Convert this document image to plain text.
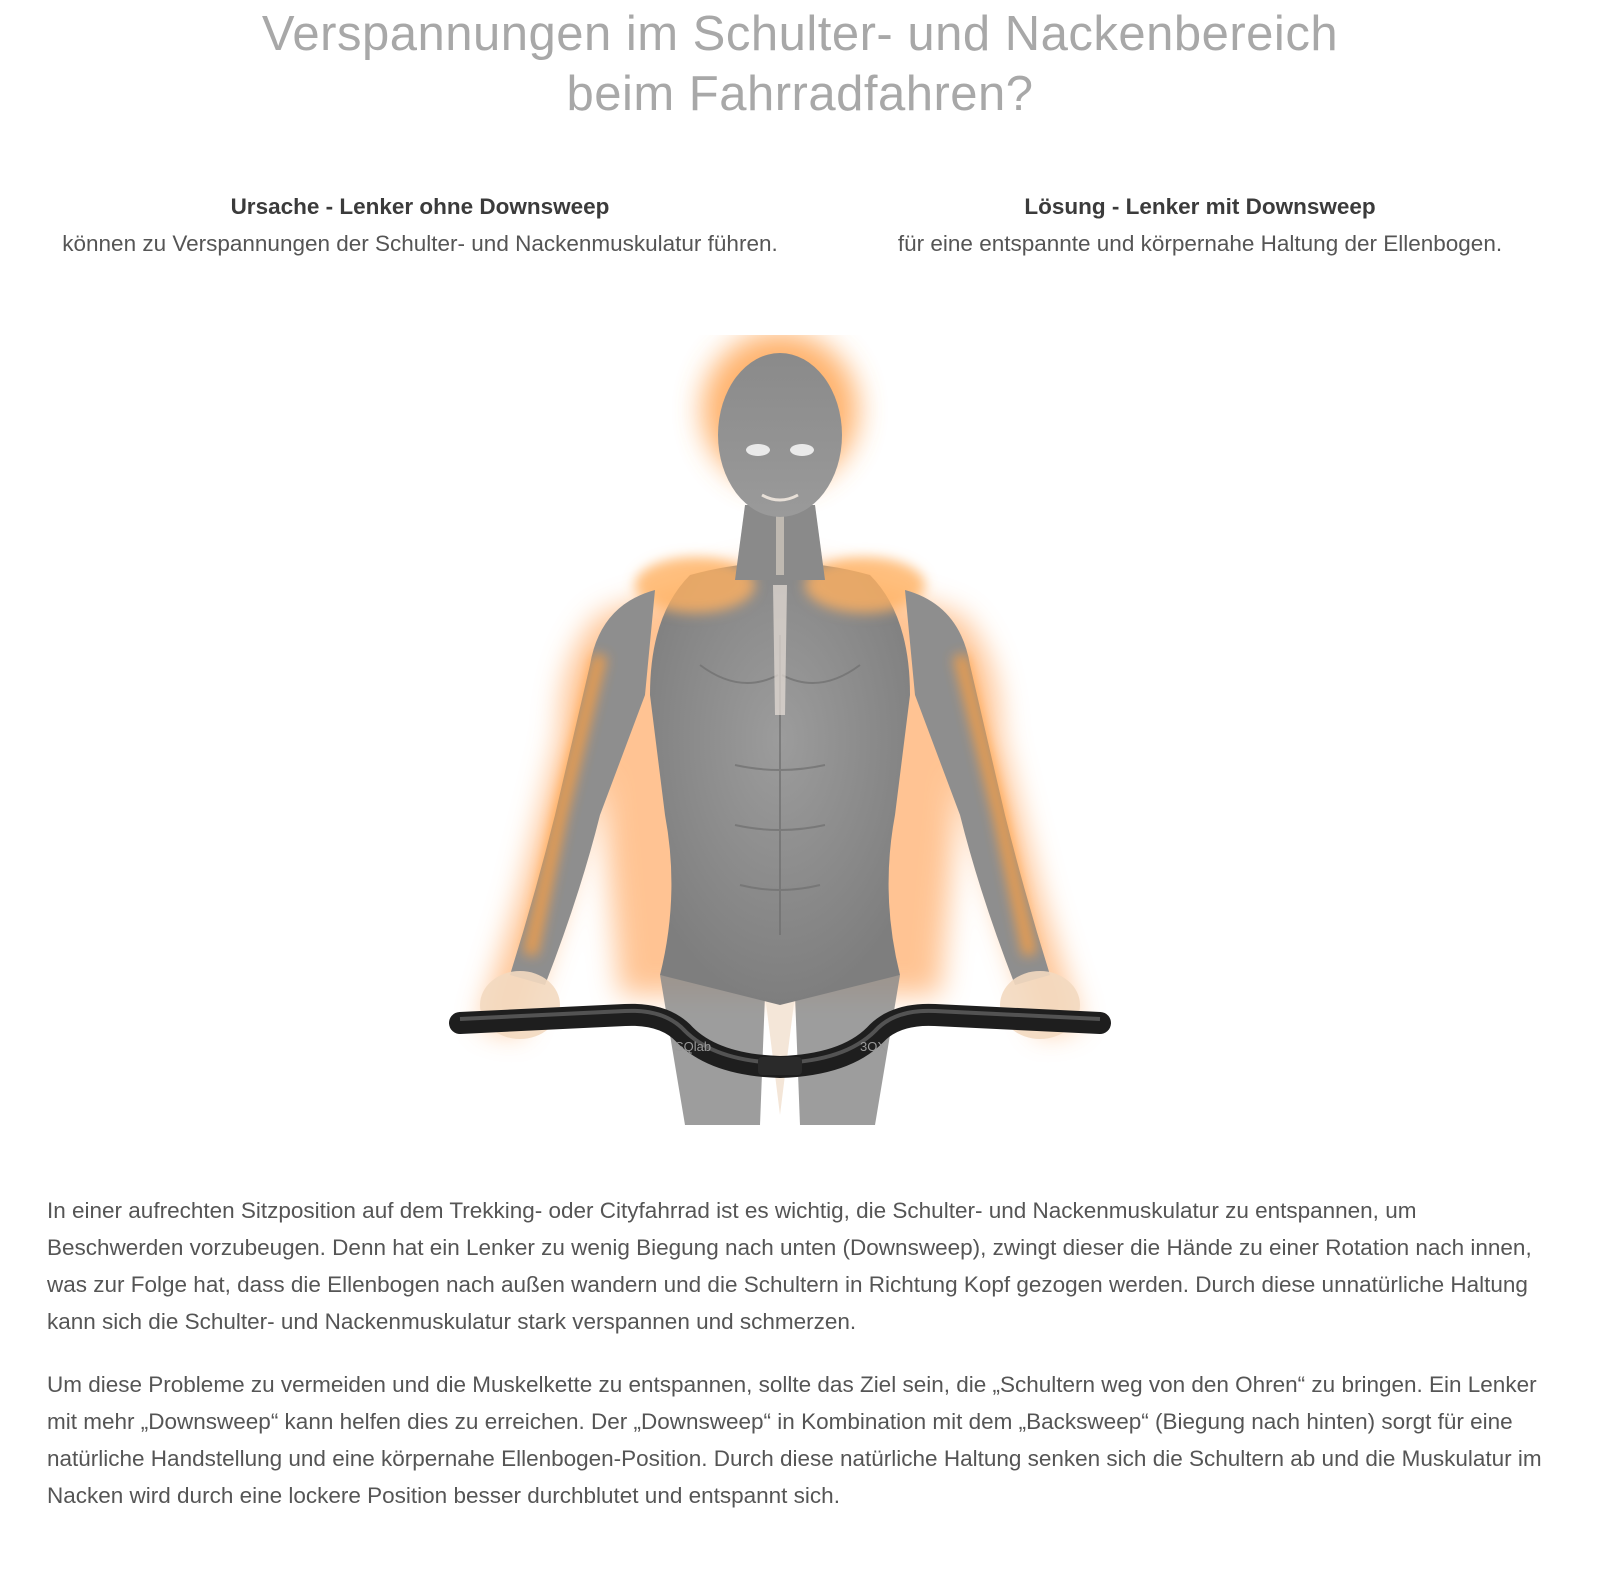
Verspannungen im Schulter- und Nackenbereich
beim Fahrradfahren?
Ursache - Lenker ohne Downsweep
können zu Verspannungen der Schulter- und Nackenmuskulatur führen.
Lösung - Lenker mit Downsweep
für eine entspannte und körpernahe Haltung der Ellenbogen.
SQlab	3OX

In einer aufrechten Sitzposition auf dem Trekking- oder Cityfahrrad ist es wichtig, die Schulter- und Nackenmuskulatur zu entspannen, um Beschwerden vorzubeugen. Denn hat ein Lenker zu wenig Biegung nach unten (Downsweep), zwingt dieser die Hände zu einer Rotation nach innen, was zur Folge hat, dass die Ellenbogen nach außen wandern und die Schultern in Richtung Kopf gezogen werden. Durch diese unnatürliche Haltung kann sich die Schulter- und Nackenmuskulatur stark verspannen und schmerzen.

Um diese Probleme zu vermeiden und die Muskelkette zu entspannen, sollte das Ziel sein, die „Schultern weg von den Ohren“ zu bringen. Ein Lenker mit mehr „Downsweep“ kann helfen dies zu erreichen. Der „Downsweep“ in Kombination mit dem „Backsweep“ (Biegung nach hinten) sorgt für eine natürliche Handstellung und eine körpernahe Ellenbogen-Position. Durch diese natürliche Haltung senken sich die Schultern ab und die Muskulatur im Nacken wird durch eine lockere Position besser durchblutet und entspannt sich.
